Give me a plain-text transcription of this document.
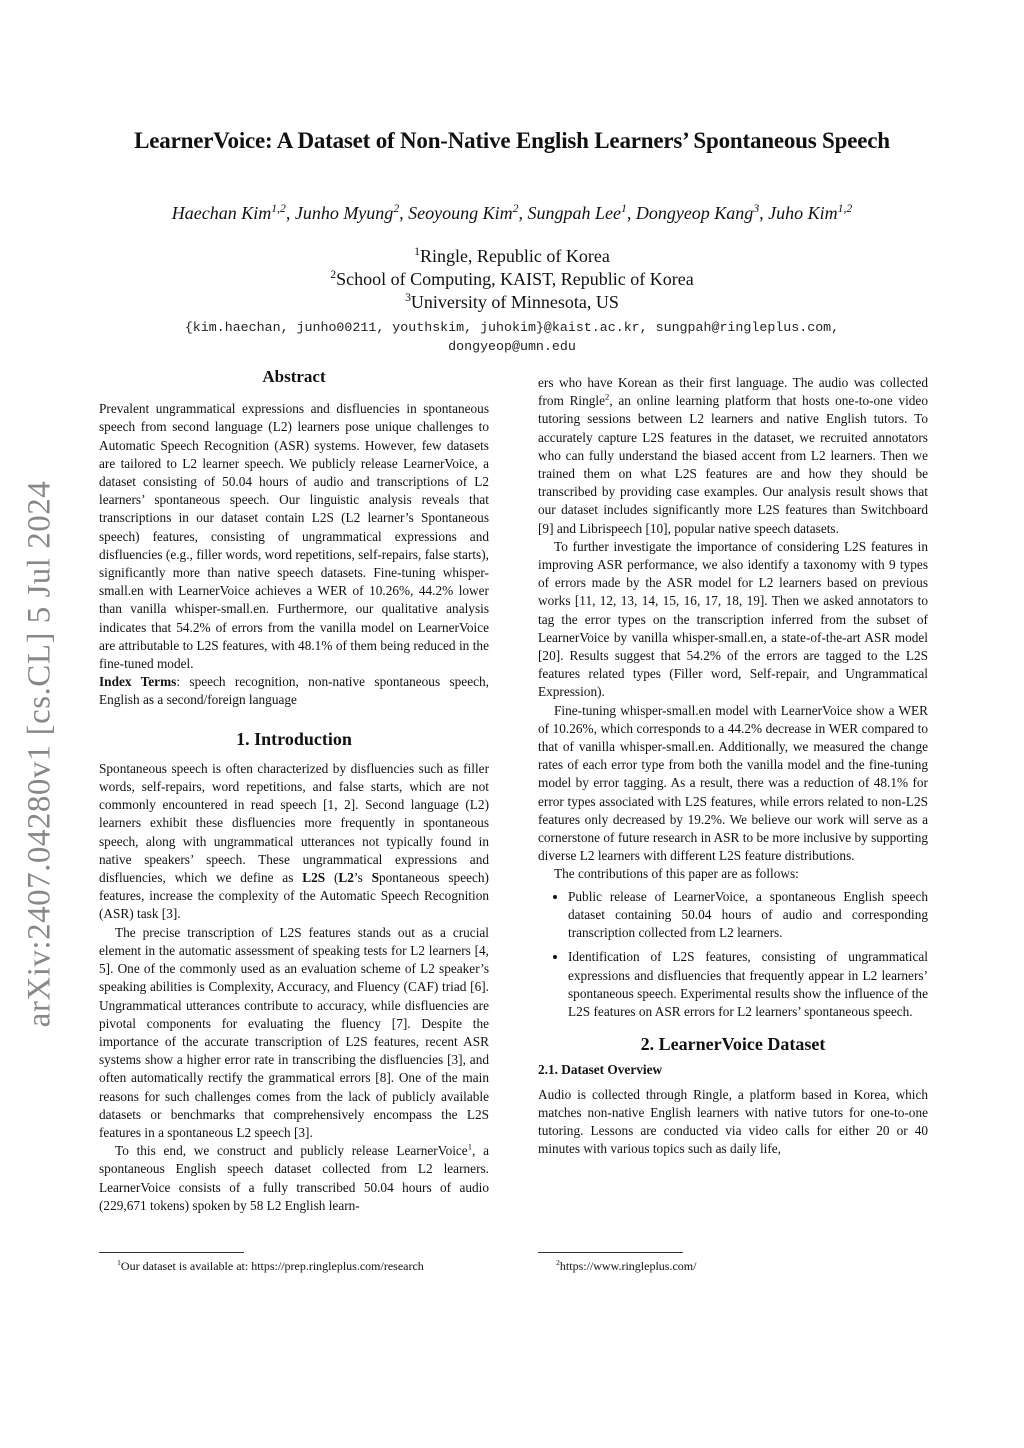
arXiv:2407.04280v1 [cs.CL] 5 Jul 2024
LearnerVoice: A Dataset of Non-Native English Learners’ Spontaneous Speech
Haechan Kim$^{1,2}$, Junho Myung$^2$, Seoyoung Kim$^2$, Sungpah Lee$^1$, Dongyeop Kang$^3$, Juho Kim$^{1,2}$
$^1$Ringle, Republic of Korea
$^2$School of Computing, KAIST, Republic of Korea
$^3$University of Minnesota, US
{kim.haechan, junho00211, youthskim, juhokim}@kaist.ac.kr, sungpah@ringleplus.com,
dongyeop@umn.edu
Abstract

Prevalent ungrammatical expressions and disfluencies in spontaneous speech from second language (L2) learners pose unique challenges to Automatic Speech Recognition (ASR) systems. However, few datasets are tailored to L2 learner speech. We publicly release LearnerVoice, a dataset consisting of 50.04 hours of audio and transcriptions of L2 learners’ spontaneous speech. Our linguistic analysis reveals that transcriptions in our dataset contain L2S (L2 learner’s Spontaneous speech) features, consisting of ungrammatical expressions and disfluencies (e.g., filler words, word repetitions, self-repairs, false starts), significantly more than native speech datasets. Fine-tuning whisper-small.en with LearnerVoice achieves a WER of 10.26%, 44.2% lower than vanilla whisper-small.en. Furthermore, our qualitative analysis indicates that 54.2% of errors from the vanilla model on LearnerVoice are attributable to L2S features, with 48.1% of them being reduced in the fine-tuned model.

Index Terms: speech recognition, non-native spontaneous speech, English as a second/foreign language

1. Introduction

Spontaneous speech is often characterized by disfluencies such as filler words, self-repairs, word repetitions, and false starts, which are not commonly encountered in read speech [1, 2]. Second language (L2) learners exhibit these disfluencies more frequently in spontaneous speech, along with ungrammatical utterances not typically found in native speakers’ speech. These ungrammatical expressions and disfluencies, which we define as L2S (L2’s Spontaneous speech) features, increase the complexity of the Automatic Speech Recognition (ASR) task [3].

The precise transcription of L2S features stands out as a crucial element in the automatic assessment of speaking tests for L2 learners [4, 5]. One of the commonly used as an evaluation scheme of L2 speaker’s speaking abilities is Complexity, Accuracy, and Fluency (CAF) triad [6]. Ungrammatical utterances contribute to accuracy, while disfluencies are pivotal components for evaluating the fluency [7]. Despite the importance of the accurate transcription of L2S features, recent ASR systems show a higher error rate in transcribing the disfluencies [3], and often automatically rectify the grammatical errors [8]. One of the main reasons for such challenges comes from the lack of publicly available datasets or benchmarks that comprehensively encompass the L2S features in a spontaneous L2 speech [3].

To this end, we construct and publicly release LearnerVoice$^1$, a spontaneous English speech dataset collected from L2 learners. LearnerVoice consists of a fully transcribed 50.04 hours of audio (229,671 tokens) spoken by 58 L2 English learn-

ers who have Korean as their first language. The audio was collected from Ringle$^2$, an online learning platform that hosts one-to-one video tutoring sessions between L2 learners and native English tutors. To accurately capture L2S features in the dataset, we recruited annotators who can fully understand the biased accent from L2 learners. Then we trained them on what L2S features are and how they should be transcribed by providing case examples. Our analysis result shows that our dataset includes significantly more L2S features than Switchboard [9] and Librispeech [10], popular native speech datasets.

To further investigate the importance of considering L2S features in improving ASR performance, we also identify a taxonomy with 9 types of errors made by the ASR model for L2 learners based on previous works [11, 12, 13, 14, 15, 16, 17, 18, 19]. Then we asked annotators to tag the error types on the transcription inferred from the subset of LearnerVoice by vanilla whisper-small.en, a state-of-the-art ASR model [20]. Results suggest that 54.2% of the errors are tagged to the L2S features related types (Filler word, Self-repair, and Ungrammatical Expression).

Fine-tuning whisper-small.en model with LearnerVoice show a WER of 10.26%, which corresponds to a 44.2% decrease in WER compared to that of vanilla whisper-small.en. Additionally, we measured the change rates of each error type from both the vanilla model and the fine-tuning model by error tagging. As a result, there was a reduction of 48.1% for error types associated with L2S features, while errors related to non-L2S features only decreased by 19.2%. We believe our work will serve as a cornerstone of future research in ASR to be more inclusive by supporting diverse L2 learners with different L2S feature distributions.

The contributions of this paper are as follows:

• Public release of LearnerVoice, a spontaneous English speech dataset containing 50.04 hours of audio and corresponding transcription collected from L2 learners.
• Identification of L2S features, consisting of ungrammatical expressions and disfluencies that frequently appear in L2 learners’ spontaneous speech. Experimental results show the influence of the L2S features on ASR errors for L2 learners’ spontaneous speech.
2. LearnerVoice Dataset
2.1. Dataset Overview

Audio is collected through Ringle, a platform based in Korea, which matches non-native English learners with native tutors for one-to-one tutoring. Lessons are conducted via video calls for either 20 or 40 minutes with various topics such as daily life,

$^1$Our dataset is available at: https://prep.ringleplus.com/research	$^2$https://www.ringleplus.com/
